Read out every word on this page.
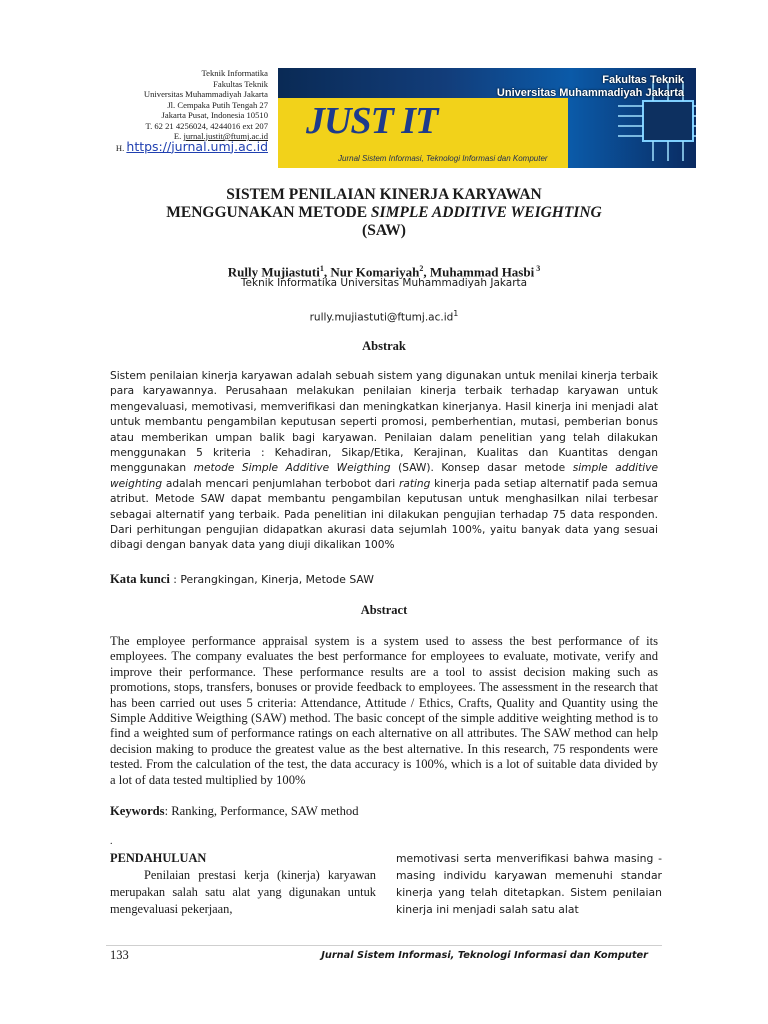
Teknik Informatika
Fakultas Teknik
Universitas Muhammadiyah Jakarta
Jl. Cempaka Putih Tengah 27
Jakarta Pusat, Indonesia 10510
T. 62 21 4256024, 4244016 ext 207
E. jurnal.justit@ftumj.ac.id
H. https://jurnal.umj.ac.id
JUST IT
Jurnal Sistem Informasi, Teknologi Informasi dan Komputer
Fakultas Teknik
Universitas Muhammadiyah Jakarta
SISTEM PENILAIAN KINERJA KARYAWAN
MENGGUNAKAN METODE SIMPLE ADDITIVE WEIGHTING
(SAW)
Rully Mujiastuti$^1$, Nur Komariyah$^2$, Muhammad Hasbi $^3$
Teknik Informatika Universitas Muhammadiyah Jakarta
$rully.mujiastuti@ftumj.ac.id^1$
Abstrak
Sistem penilaian kinerja karyawan adalah sebuah sistem yang digunakan untuk menilai kinerja terbaik para karyawannya. Perusahaan melakukan penilaian kinerja terbaik terhadap karyawan untuk mengevaluasi, memotivasi, memverifikasi dan meningkatkan kinerjanya. Hasil kinerja ini menjadi alat untuk membantu pengambilan keputusan seperti promosi, pemberhentian, mutasi, pemberian bonus atau memberikan umpan balik bagi karyawan. Penilaian dalam penelitian yang telah dilakukan menggunakan 5 kriteria : Kehadiran, Sikap/Etika, Kerajinan, Kualitas dan Kuantitas dengan menggunakan metode Simple Additive Weigthing (SAW). Konsep dasar metode simple additive weighting adalah mencari penjumlahan terbobot dari rating kinerja pada setiap alternatif pada semua atribut. Metode SAW dapat membantu pengambilan keputusan untuk menghasilkan nilai terbesar sebagai alternatif yang terbaik. Pada penelitian ini dilakukan pengujian terhadap 75 data responden. Dari perhitungan pengujian didapatkan akurasi data sejumlah 100%, yaitu banyak data yang sesuai dibagi dengan banyak data yang diuji dikalikan 100%
Kata kunci : Perangkingan, Kinerja, Metode SAW
Abstract
The employee performance appraisal system is a system used to assess the best performance of its employees. The company evaluates the best performance for employees to evaluate, motivate, verify and improve their performance. These performance results are a tool to assist decision making such as promotions, stops, transfers, bonuses or provide feedback to employees. The assessment in the research that has been carried out uses 5 criteria: Attendance, Attitude / Ethics, Crafts, Quality and Quantity using the Simple Additive Weigthing (SAW) method. The basic concept of the simple additive weighting method is to find a weighted sum of performance ratings on each alternative on all attributes. The SAW method can help decision making to produce the greatest value as the best alternative. In this research, 75 respondents were tested. From the calculation of the test, the data accuracy is 100%, which is a lot of suitable data divided by a lot of data tested multiplied by 100%
Keywords: Ranking, Performance, SAW method
.
PENDAHULUAN
Penilaian prestasi kerja (kinerja) karyawan merupakan salah satu alat yang digunakan untuk mengevaluasi pekerjaan,
memotivasi serta menverifikasi bahwa masing - masing individu karyawan memenuhi standar kinerja yang telah ditetapkan. Sistem penilaian kinerja ini menjadi salah satu alat
133	Jurnal Sistem Informasi, Teknologi Informasi dan Komputer
